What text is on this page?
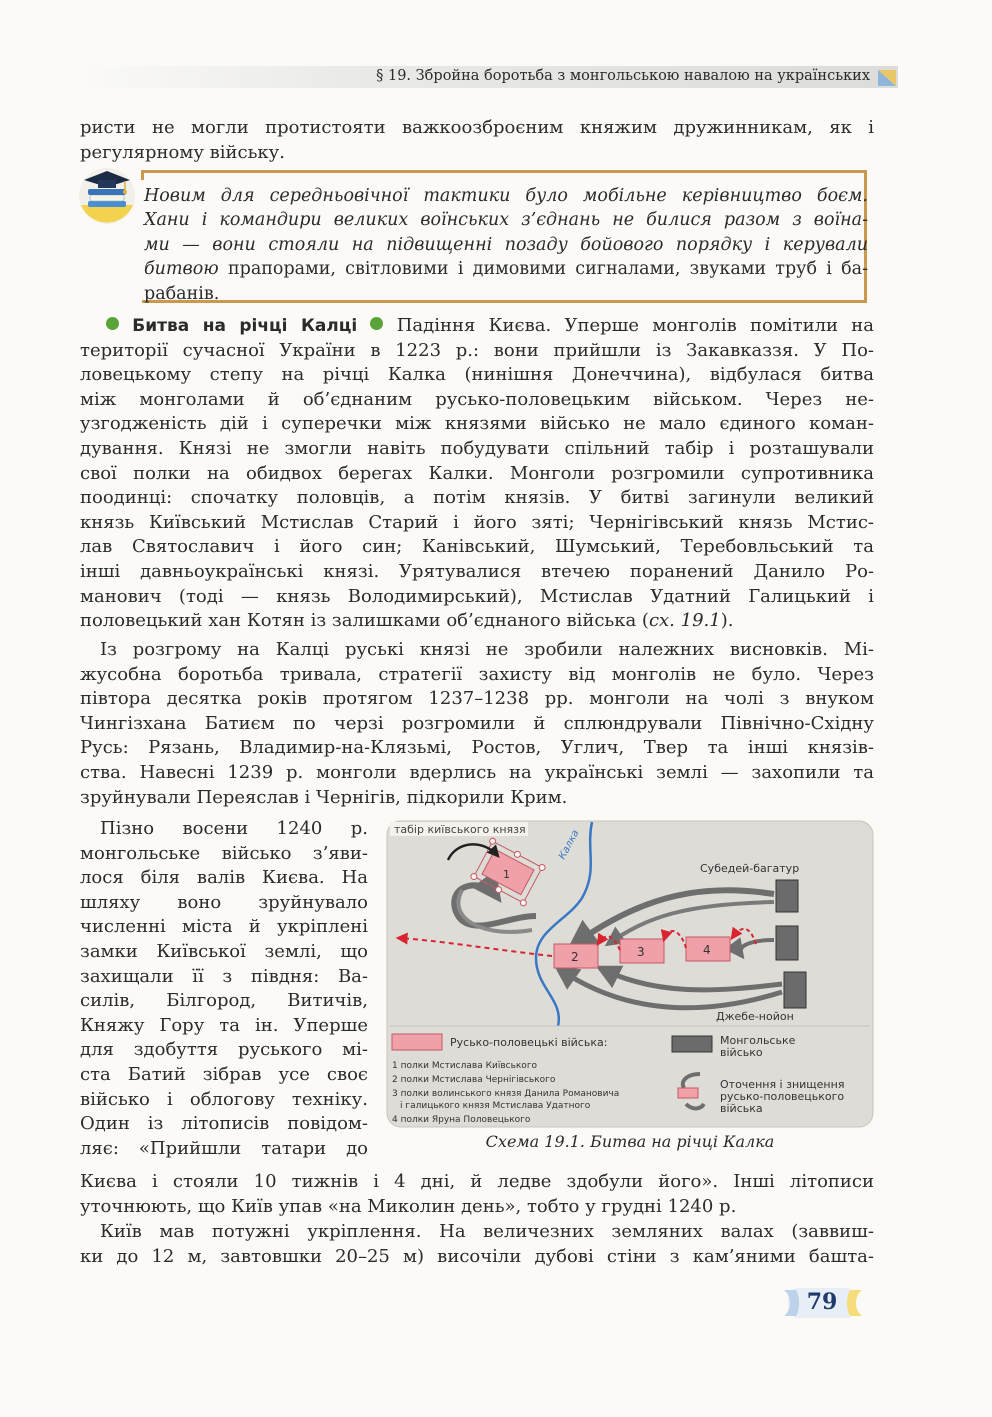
§ 19. Збройна боротьба з монгольською навалою на українських
ристи не могли протистояти важкоозброєним княжим дружинникам, як і
регулярному війську.
Новим для середньовічної тактики було мобільне керівництво боєм.
Хани і командири великих воїнських з’єднань не билися разом з воїна-
ми — вони стояли на підвищенні позаду бойового порядку і керували
битвою прапорами, світловими і димовими сигналами, звуками труб і ба-
рабанів.
Битва на річці Калці  Падіння Києва. Уперше монголів помітили на
території сучасної України в 1223 р.: вони прийшли із Закавказзя. У По-
ловецькому степу на річці Калка (нинішня Донеччина), відбулася битва
між монголами й об’єднаним русько-половецьким військом. Через не-
узгодженість дій і суперечки між князями військо не мало єдиного коман-
дування. Князі не змогли навіть побудувати спільний табір і розташували
свої полки на обидвох берегах Калки. Монголи розгромили супротивника
поодинці: спочатку половців, а потім князів. У битві загинули великий
князь Київський Мстислав Старий і його зяті; Чернігівський князь Мстис-
лав Святославич і його син; Канівський, Шумський, Теребовльський та
інші давньоукраїнські князі. Урятувалися втечею поранений Данило Ро-
манович (тоді — князь Володимирський), Мстислав Удатний Галицький і
половецький хан Котян із залишками об’єднаного війська (сх. 19.1).
Із розгрому на Калці руські князі не зробили належних висновків. Мі-
жусобна боротьба тривала, стратегії захисту від монголів не було. Через
півтора десятка років протягом 1237–1238 рр. монголи на чолі з внуком
Чингізхана Батиєм по черзі розгромили й сплюндрували Північно-Східну
Русь: Рязань, Владимир-на-Клязьмі, Ростов, Углич, Твер та інші князів-
ства. Навесні 1239 р. монголи вдерлись на українські землі — захопили та
зруйнували Переяслав і Чернігів, підкорили Крим.
Пізно восени 1240 р.
монгольське військо з’яви-
лося біля валів Києва. На
шляху воно зруйнувало
численні міста й укріплені
замки Київської землі, що
захищали її з півдня: Ва-
силів, Білгород, Витичів,
Княжу Гору та ін. Уперше
для здобуття руського мі-
ста Батий зібрав усе своє
військо і облогову техніку.
Один із літописів повідом-
ляє: «Прийшли татари до
Калка
табір київського князя
1	Субедей-багатур
Джебе-нойон
2	3	4
Русько-половецькі війська:
1 полки Мстислава Київського
2 полки Мстислава Чернігівського
3 полки волинського князя Данила Романовича
і галицького князя Мстислава Удатного
4 полки Яруна Половецького
Монгольське
військо
Оточення і знищення
русько-половецького
війська
Схема 19.1. Битва на річці Калка
Києва і стояли 10 тижнів і 4 дні, й ледве здобули його». Інші літописи
уточнюють, що Київ упав «на Миколин день», тобто у грудні 1240 р.
Київ мав потужні укріплення. На величезних земляних валах (заввиш-
ки до 12 м, завтовшки 20–25 м) височіли дубові стіни з кам’яними башта-
79
